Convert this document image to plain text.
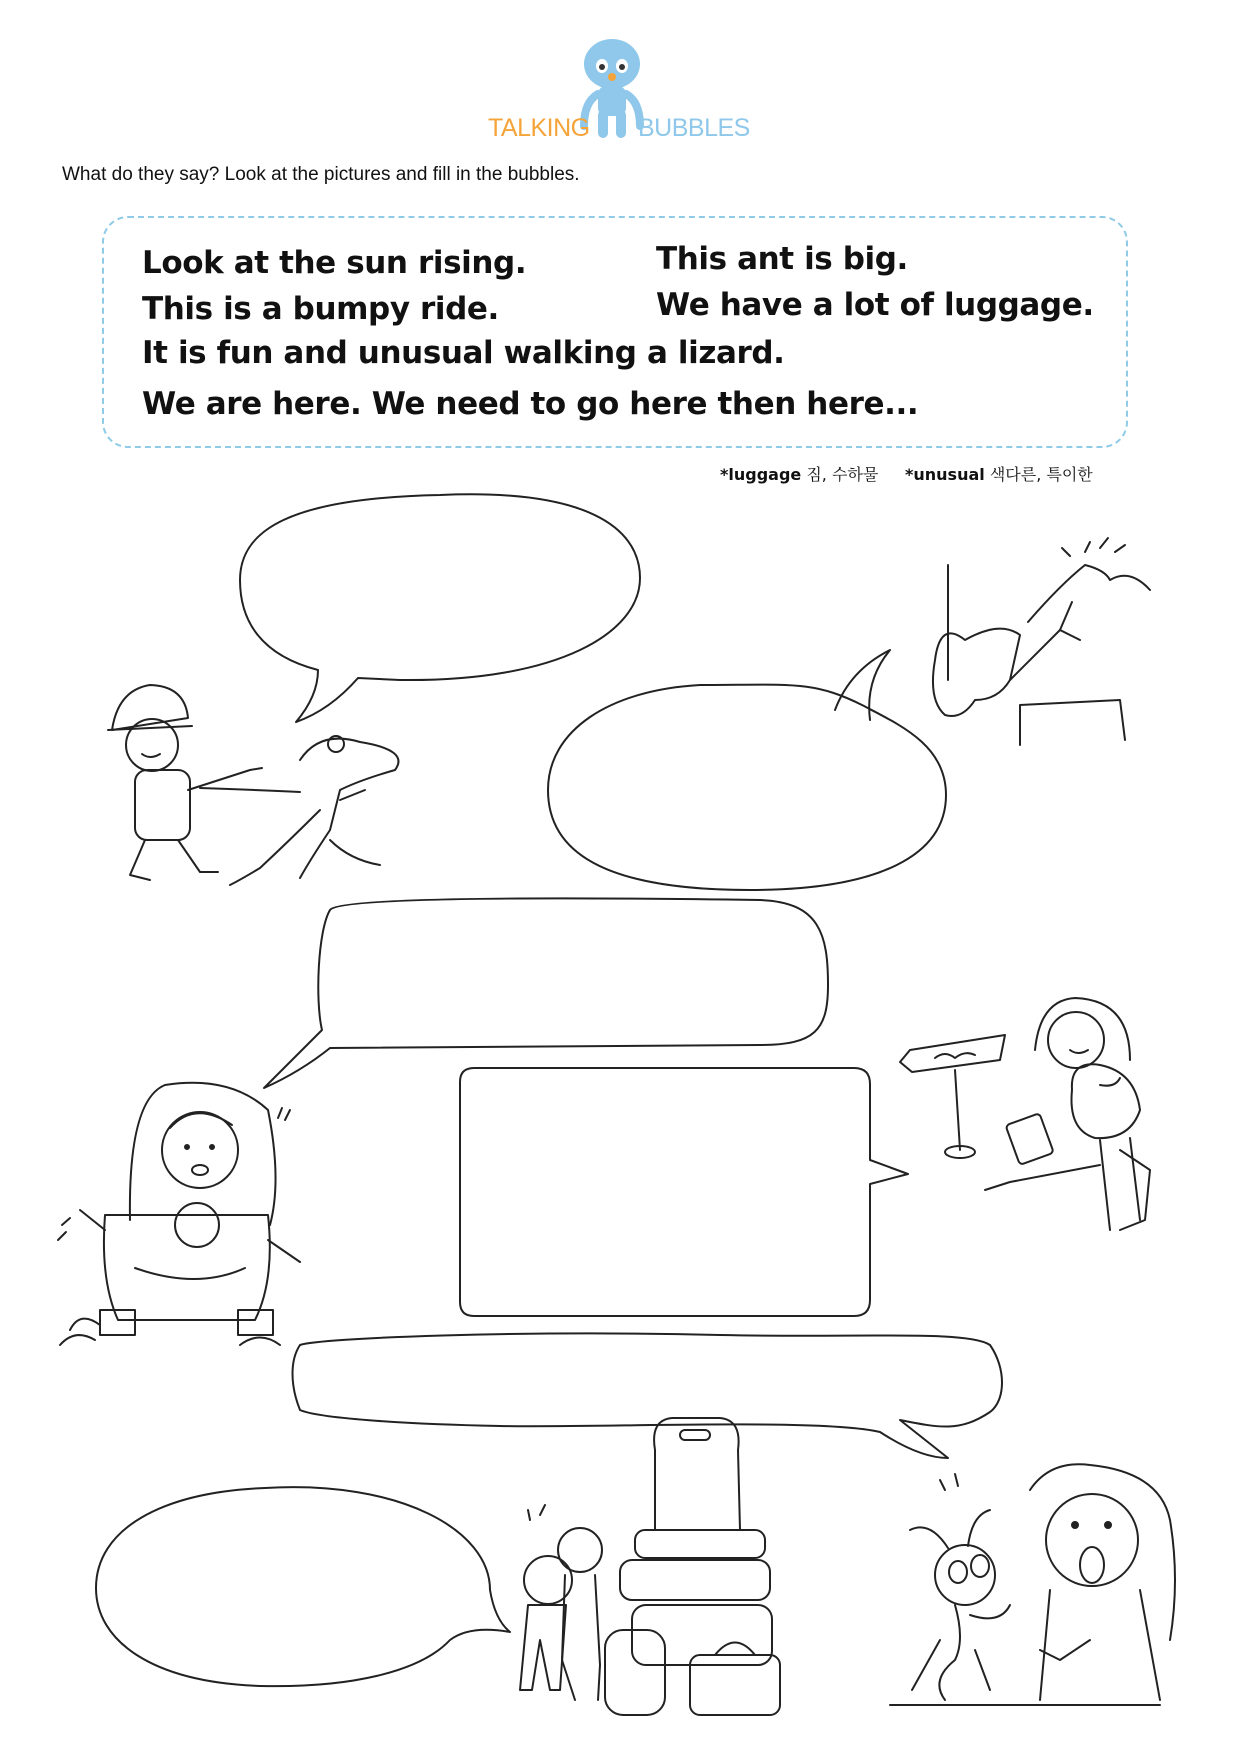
TALKING BUBBLES
What do they say? Look at the pictures and fill in the bubbles.
Look at the sun rising.	This ant is big.
This is a bumpy ride.	We have a lot of luggage.
It is fun and unusual walking a lizard.
We are here. We need to go here then here...
*luggage 짐, 수하물 *unusual 색다른, 특이한
